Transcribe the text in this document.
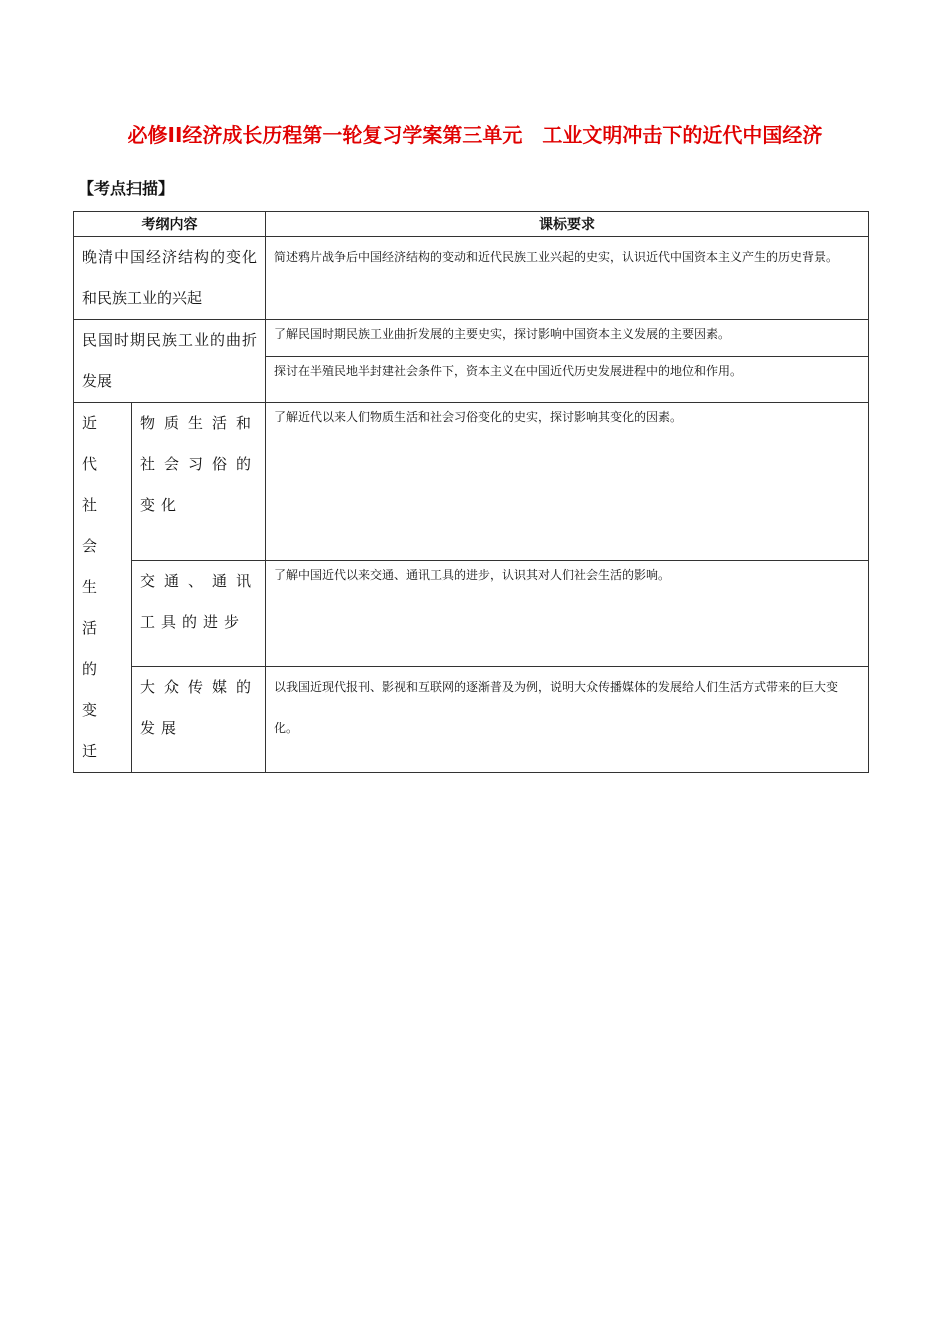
必修II经济成长历程第一轮复习学案第三单元　工业文明冲击下的近代中国经济
【考点扫描】
考纲内容		课标要求
晚清中国经济结构的变化和民族工业的兴起		简述鸦片战争后中国经济结构的变动和近代民族工业兴起的史实，认识近代中国资本主义产生的历史背景。
民国时期民族工业的曲折发展		了解民国时期民族工业曲折发展的主要史实，探讨影响中国资本主义发展的主要因素。
		探讨在半殖民地半封建社会条件下，资本主义在中国近代历史发展进程中的地位和作用。
近代社会生活的变迁	物质生活和社会习俗的变化	了解近代以来人们物质生活和社会习俗变化的史实，探讨影响其变化的因素。
	交通、通讯工具的进步	了解中国近代以来交通、通讯工具的进步，认识其对人们社会生活的影响。
	大众传媒的发展	以我国近现代报刊、影视和互联网的逐渐普及为例，说明大众传播媒体的发展给人们生活方式带来的巨大变化。
